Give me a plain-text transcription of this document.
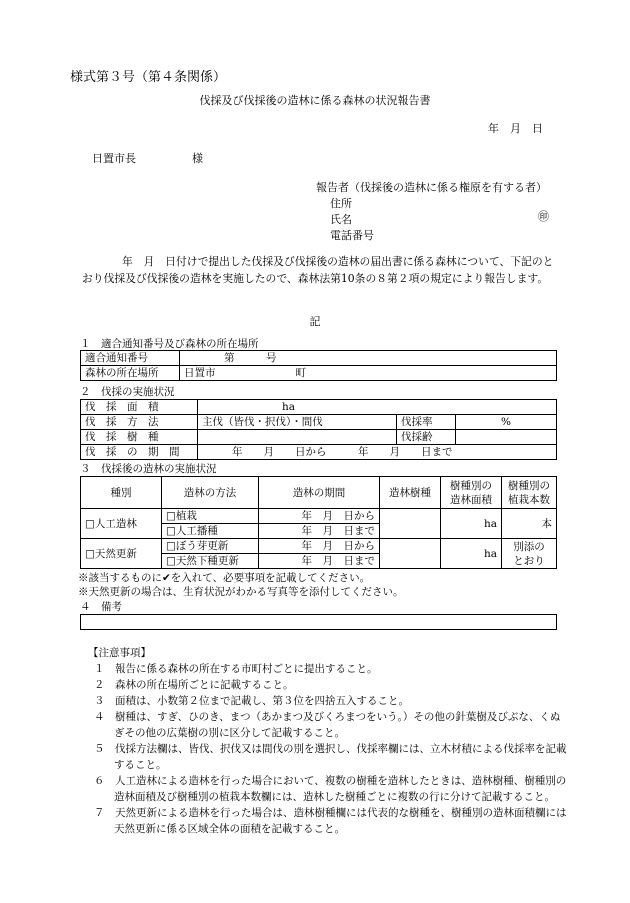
様式第３号（第４条関係）
伐採及び伐採後の造林に係る森林の状況報告書
年　月　日
日置市長	様
報告者（伐採後の造林に係る権原を有する者）
住所
氏名
電話番号
㊞
年　月　日付けで提出した伐採及び伐採後の造林の届出書に係る森林について、下記のとおり伐採及び伐採後の造林を実施したので、森林法第10条の８第２項の規定により報告します。
記
１　適合通知番号及び森林の所在場所
適合通知番号	第　　　号
森林の所在場所	日置市 町
２　伐採の実施状況
伐　採　面　積	ha		
伐　採　方　法	主伐（皆伐・択伐）・間伐	伐採率	%
伐　採　樹　種		伐採齢	
伐　採　の　期　間	年　　月　　日から　　　年　　月　　日まで		
３　伐採後の造林の実施状況
種別	造林の方法	造林の期間	造林樹種	樹種別の造林面積	樹種別の植栽本数
□人工造林	□植栽	年　月　日から		ha	本
	□人工播種	年　月　日まで			
□天然更新	□ぼう芽更新	年　月　日から		ha	別添の
とおり

	□天然下種更新	年　月　日まで			
※該当するものに✔を入れて、必要事項を記載してください。
※天然更新の場合は、生育状況がわかる写真等を添付してください。
４　備考
【注意事項】
１　報告に係る森林の所在する市町村ごとに提出すること。
２　森林の所在場所ごとに記載すること。
３　面積は、小数第２位まで記載し、第３位を四捨五入すること。
４　樹種は、すぎ、ひのき、まつ（あかまつ及びくろまつをいう。）その他の針葉樹及びぶな、くぬぎその他の広葉樹の別に区分して記載すること。
５　伐採方法欄は、皆伐、択伐又は間伐の別を選択し、伐採率欄には、立木材積による伐採率を記載すること。
６　人工造林による造林を行った場合において、複数の樹種を造林したときは、造林樹種、樹種別の造林面積及び樹種別の植栽本数欄には、造林した樹種ごとに複数の行に分けて記載すること。
７　天然更新による造林を行った場合は、造林樹種欄には代表的な樹種を、樹種別の造林面積欄には天然更新に係る区域全体の面積を記載すること。
